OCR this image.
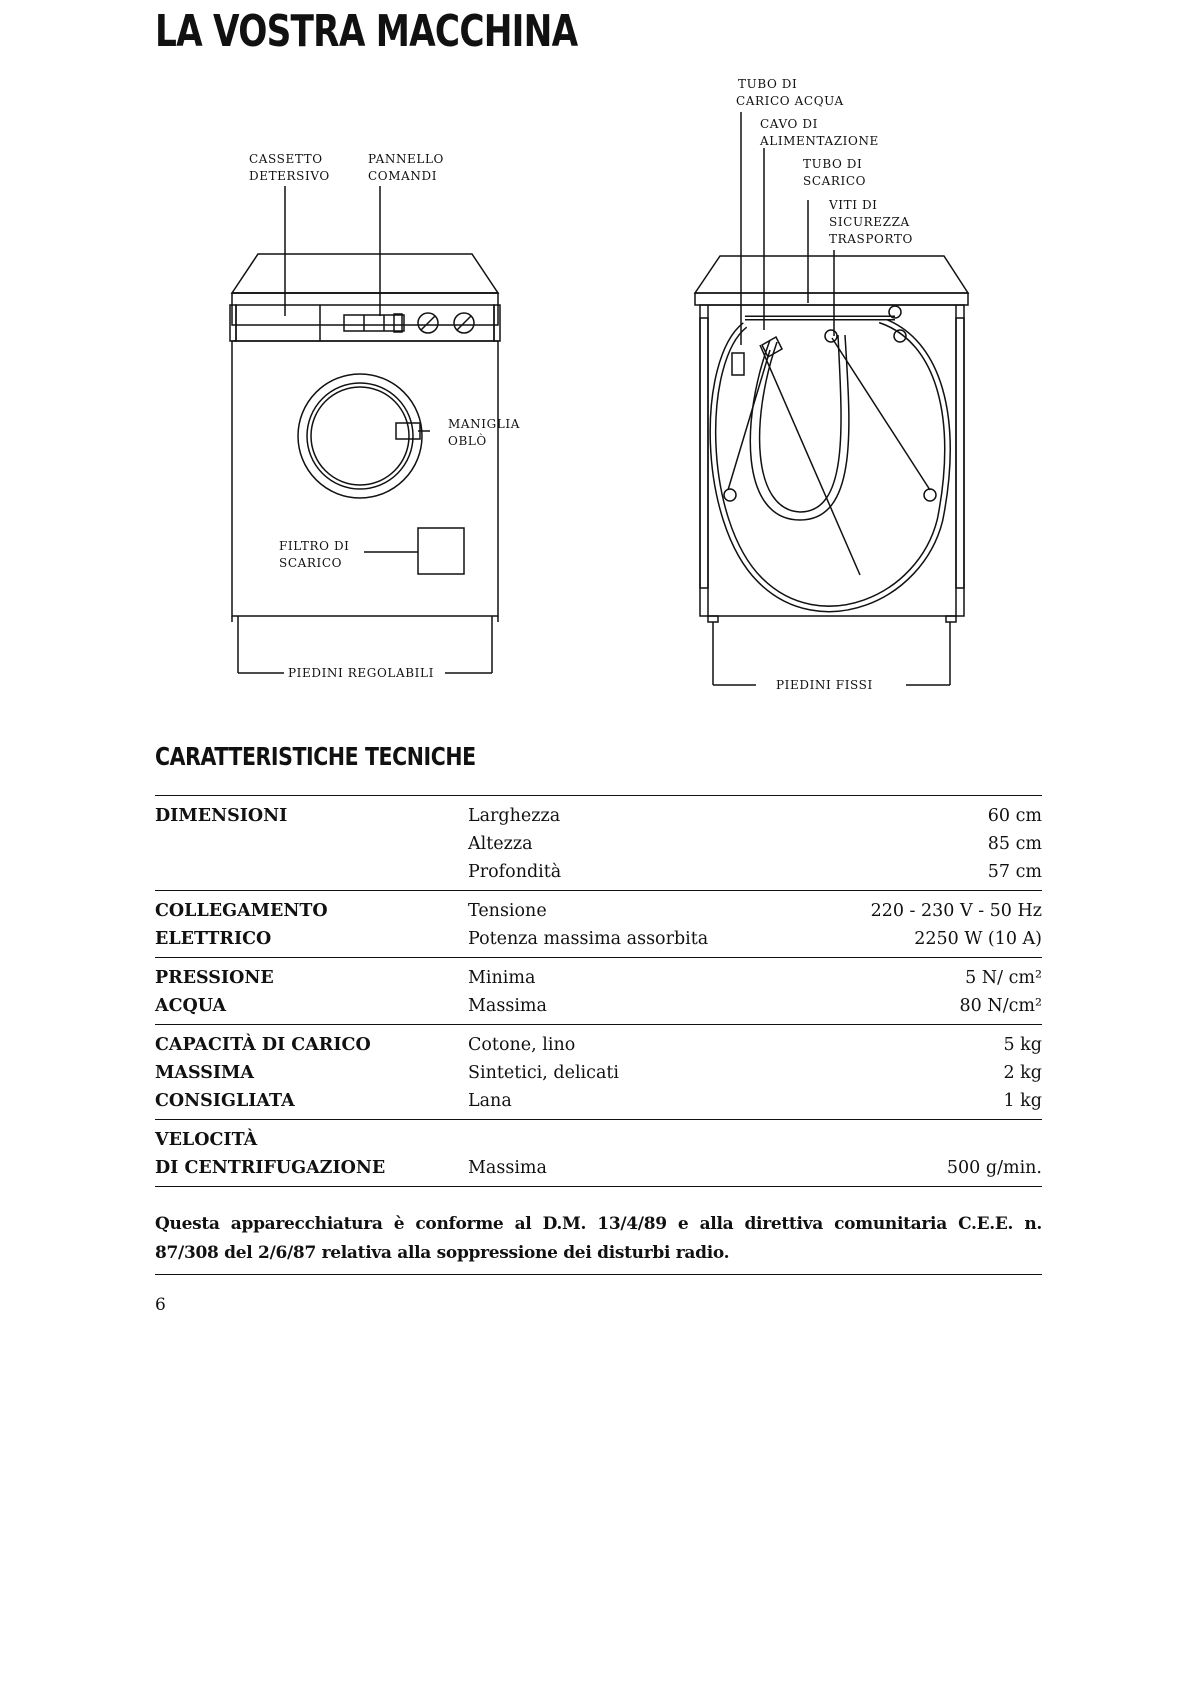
LA VOSTRA MACCHINA
CASSETTO
DETERSIVO
PANNELLO
COMANDI
MANIGLIA
OBLÒ
FILTRO DI
SCARICO
PIEDINI REGOLABILI
TUBO DI
CARICO ACQUA
CAVO DI
ALIMENTAZIONE
TUBO DI
SCARICO
VITI DI
SICUREZZA
TRASPORTO
PIEDINI FISSI
CARATTERISTICHE TECNICHE
DIMENSIONI	Larghezza	60 cm
Altezza	85 cm
Profondità	57 cm
COLLEGAMENTO
ELETTRICO
Tensione	220 - 230 V - 50 Hz
Potenza massima assorbita	2250 W (10 A)
PRESSIONE
ACQUA
Minima	5 N/ cm²
Massima	80 N/cm²
CAPACITÀ DI CARICO
MASSIMA
CONSIGLIATA
Cotone, lino	5 kg
Sintetici, delicati	2 kg
Lana	1 kg
VELOCITÀ
DI CENTRIFUGAZIONE	Massima	500 g/min.

Questa apparecchiatura è conforme al D.M. 13/4/89 e alla direttiva comunitaria C.E.E. n. 87/308 del 2/6/87 relativa alla soppressione dei disturbi radio.

6
